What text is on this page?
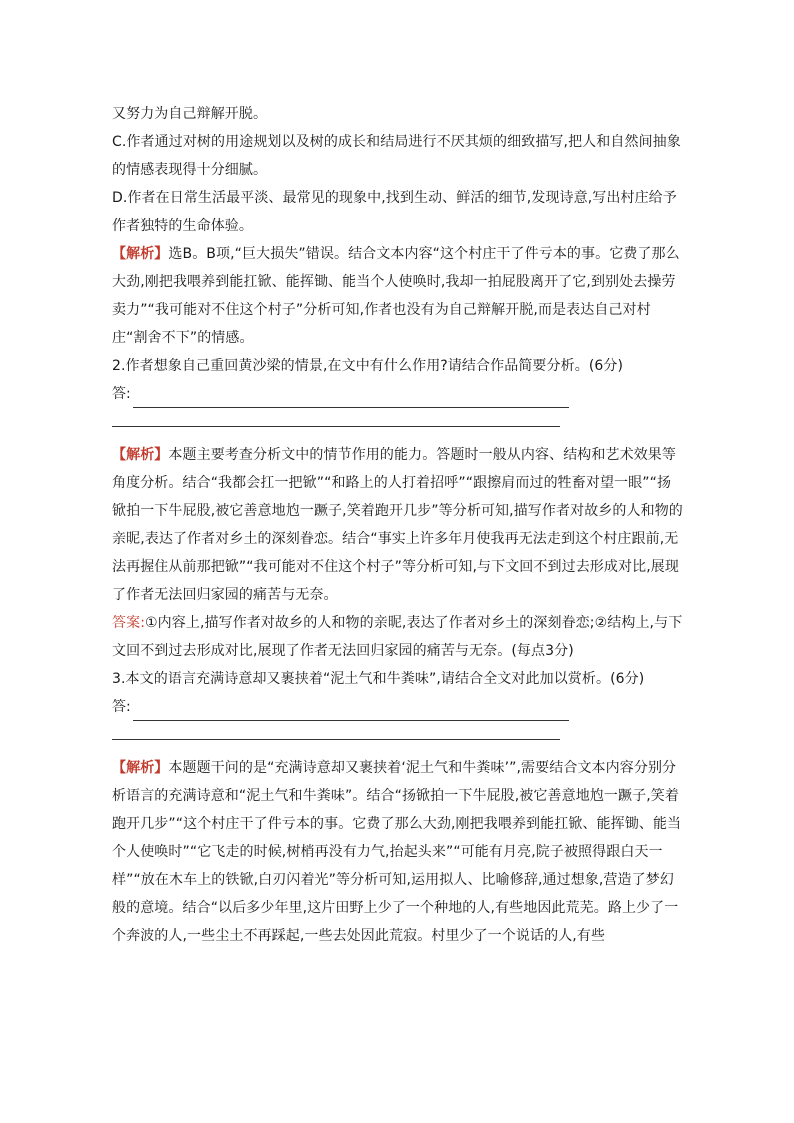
又努力为自己辩解开脱。

C.作者通过对树的用途规划以及树的成长和结局进行不厌其烦的细致描写,把人和自然间抽象的情感表现得十分细腻。

D.作者在日常生活最平淡、最常见的现象中,找到生动、鲜活的细节,发现诗意,写出村庄给予作者独特的生命体验。

【解析】选B。B项,“巨大损失”错误。结合文本内容“这个村庄干了件亏本的事。它费了那么大劲,刚把我喂养到能扛锨、能挥锄、能当个人使唤时,我却一拍屁股离开了它,到别处去操劳卖力”“我可能对不住这个村子”分析可知,作者也没有为自己辩解开脱,而是表达自己对村庄“割舍不下”的情感。

2.作者想象自己重回黄沙梁的情景,在文中有什么作用?请结合作品简要分析。(6分)

答:

【解析】本题主要考查分析文中的情节作用的能力。答题时一般从内容、结构和艺术效果等角度分析。结合“我都会扛一把锨”“和路上的人打着招呼”“跟擦肩而过的牲畜对望一眼”“扬锨拍一下牛屁股,被它善意地尥一蹶子,笑着跑开几步”等分析可知,描写作者对故乡的人和物的亲昵,表达了作者对乡土的深刻眷恋。结合“事实上许多年月使我再无法走到这个村庄跟前,无法再握住从前那把锨”“我可能对不住这个村子”等分析可知,与下文回不到过去形成对比,展现了作者无法回归家园的痛苦与无奈。

答案:①内容上,描写作者对故乡的人和物的亲昵,表达了作者对乡土的深刻眷恋;②结构上,与下文回不到过去形成对比,展现了作者无法回归家园的痛苦与无奈。(每点3分)

3.本文的语言充满诗意却又裹挟着“泥土气和牛粪味”,请结合全文对此加以赏析。(6分)

答:

【解析】本题题干问的是“充满诗意却又裹挟着‘泥土气和牛粪味’”,需要结合文本内容分别分析语言的充满诗意和“泥土气和牛粪味”。结合“扬锨拍一下牛屁股,被它善意地尥一蹶子,笑着跑开几步”“这个村庄干了件亏本的事。它费了那么大劲,刚把我喂养到能扛锨、能挥锄、能当个人使唤时”“它飞走的时候,树梢再没有力气,抬起头来”“可能有月亮,院子被照得跟白天一样”“放在木车上的铁锨,白刃闪着光”等分析可知,运用拟人、比喻修辞,通过想象,营造了梦幻般的意境。结合“以后多少年里,这片田野上少了一个种地的人,有些地因此荒芜。路上少了一个奔波的人,一些尘土不再踩起,一些去处因此荒寂。村里少了一个说话的人,有些
